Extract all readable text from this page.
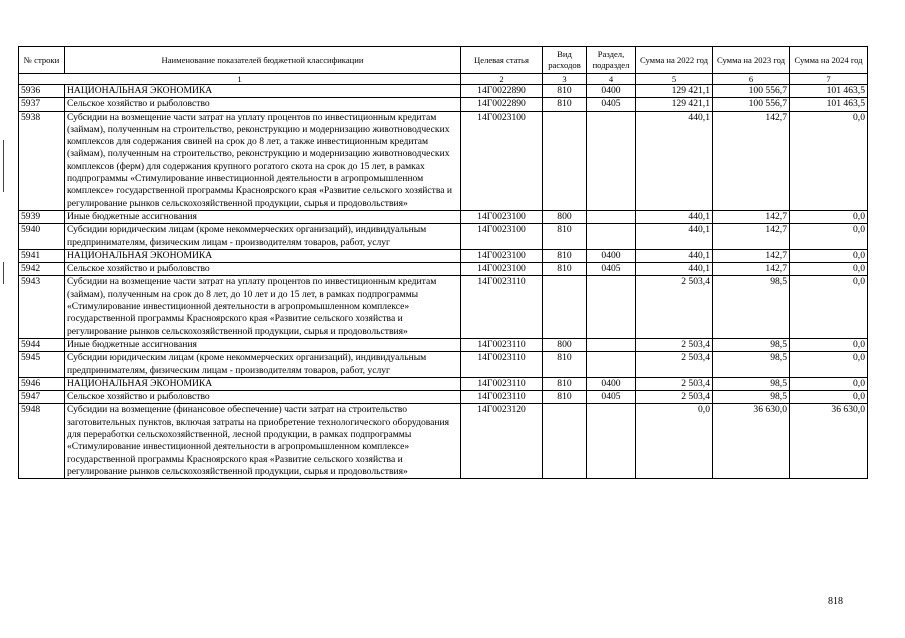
№ строки	Наименование показателей бюджетной классификации	Целевая статья	Вид расходов	Раздел, подраздел	Сумма на 2022 год	Сумма на 2023 год	Сумма на 2024 год
1		2	3	4	5	6	7
5936	НАЦИОНАЛЬНАЯ ЭКОНОМИКА	14Г0022890	810	0400	129 421,1	100 556,7	101 463,5
5937	Сельское хозяйство и рыболовство	14Г0022890	810	0405	129 421,1	100 556,7	101 463,5
5938	Субсидии на возмещение части затрат на уплату процентов по инвестиционным кредитам (займам), полученным на строительство, реконструкцию и модернизацию животноводческих комплексов для содержания свиней на срок до 8 лет, а также инвестиционным кредитам (займам), полученным на строительство, реконструкцию и модернизацию животноводческих комплексов (ферм) для содержания крупного рогатого скота на срок до 15 лет, в рамках подпрограммы «Стимулирование инвестиционной деятельности в агропромышленном комплексе» государственной программы Красноярского края «Развитие сельского хозяйства и регулирование рынков сельскохозяйственной продукции, сырья и продовольствия»	14Г0023100			440,1	142,7	0,0
5939	Иные бюджетные ассигнования	14Г0023100	800		440,1	142,7	0,0
5940	Субсидии юридическим лицам (кроме некоммерческих организаций), индивидуальным предпринимателям, физическим лицам - производителям товаров, работ, услуг	14Г0023100	810		440,1	142,7	0,0
5941	НАЦИОНАЛЬНАЯ ЭКОНОМИКА	14Г0023100	810	0400	440,1	142,7	0,0
5942	Сельское хозяйство и рыболовство	14Г0023100	810	0405	440,1	142,7	0,0
5943	Субсидии на возмещение части затрат на уплату процентов по инвестиционным кредитам (займам), полученным на срок до 8 лет, до 10 лет и до 15 лет, в рамках подпрограммы «Стимулирование инвестиционной деятельности в агропромышленном комплексе» государственной программы Красноярского края «Развитие сельского хозяйства и регулирование рынков сельскохозяйственной продукции, сырья и продовольствия»	14Г0023110			2 503,4	98,5	0,0
5944	Иные бюджетные ассигнования	14Г0023110	800		2 503,4	98,5	0,0
5945	Субсидии юридическим лицам (кроме некоммерческих организаций), индивидуальным предпринимателям, физическим лицам - производителям товаров, работ, услуг	14Г0023110	810		2 503,4	98,5	0,0
5946	НАЦИОНАЛЬНАЯ ЭКОНОМИКА	14Г0023110	810	0400	2 503,4	98,5	0,0
5947	Сельское хозяйство и рыболовство	14Г0023110	810	0405	2 503,4	98,5	0,0
5948	Субсидии на возмещение (финансовое обеспечение) части затрат на строительство заготовительных пунктов, включая затраты на приобретение технологического оборудования для переработки сельскохозяйственной, лесной продукции, в рамках подпрограммы «Стимулирование инвестиционной деятельности в агропромышленном комплексе» государственной программы Красноярского края «Развитие сельского хозяйства и регулирование рынков сельскохозяйственной продукции, сырья и продовольствия»	14Г0023120			0,0	36 630,0	36 630,0
818
